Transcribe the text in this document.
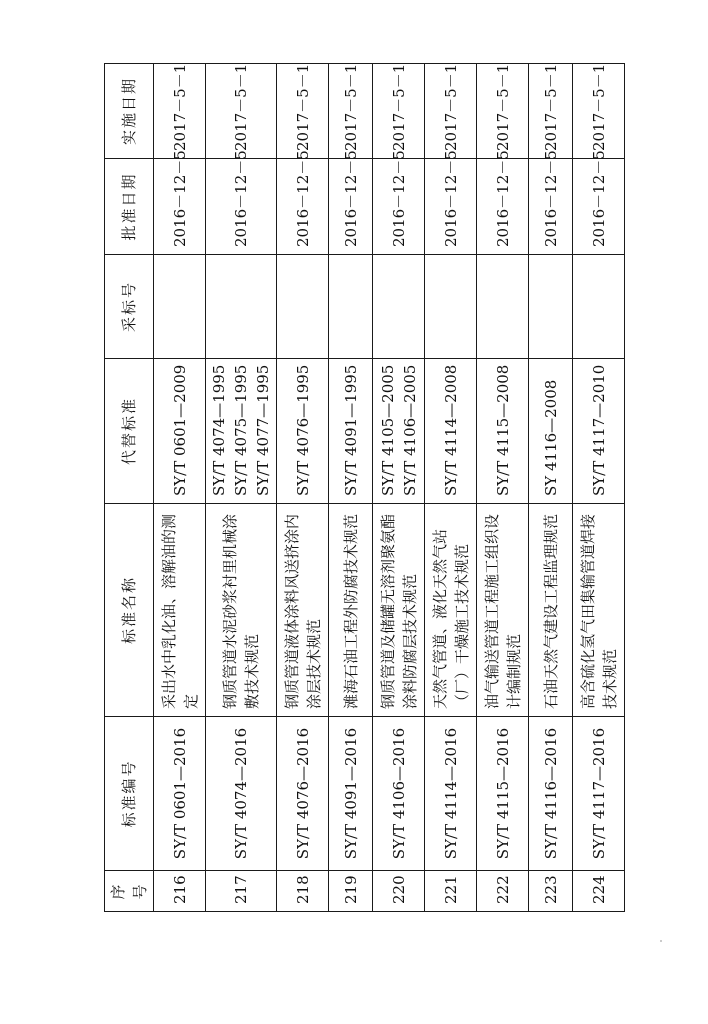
序号	标准编号	标准名称	代替标准	采标号	批准日期	实施日期
216	SY/T 0601—2016	采出水中乳化油、溶解油的测定	SY/T 0601—2009		2016－12－5	2017－5－1
217	SY/T 4074—2016	钢质管道水泥砂浆衬里机械涂敷技术规范	SY/T 4074—1995 SY/T 4075—1995 SY/T 4077—1995		2016－12－5	2017－5－1
218	SY/T 4076—2016	钢质管道液体涂料风送挤涂内涂层技术规范	SY/T 4076—1995		2016－12－5	2017－5－1
219	SY/T 4091—2016	滩海石油工程外防腐技术规范	SY/T 4091—1995		2016－12－5	2017－5－1
220	SY/T 4106—2016	钢质管道及储罐无溶剂聚氨酯涂料防腐层技术规范	SY/T 4105—2005 SY/T 4106—2005		2016－12－5	2017－5－1
221	SY/T 4114—2016	天然气管道、液化天然气站（厂）干燥施工技术规范	SY/T 4114—2008		2016－12－5	2017－5－1
222	SY/T 4115—2016	油气输送管道工程施工组织设计编制规范	SY/T 4115—2008		2016－12－5	2017－5－1
223	SY/T 4116—2016	石油天然气建设工程监理规范	SY 4116—2008		2016－12－5	2017－5－1
224	SY/T 4117—2016	高含硫化氢气田集输管道焊接技术规范	SY/T 4117—2010		2016－12－5	2017－5－1
